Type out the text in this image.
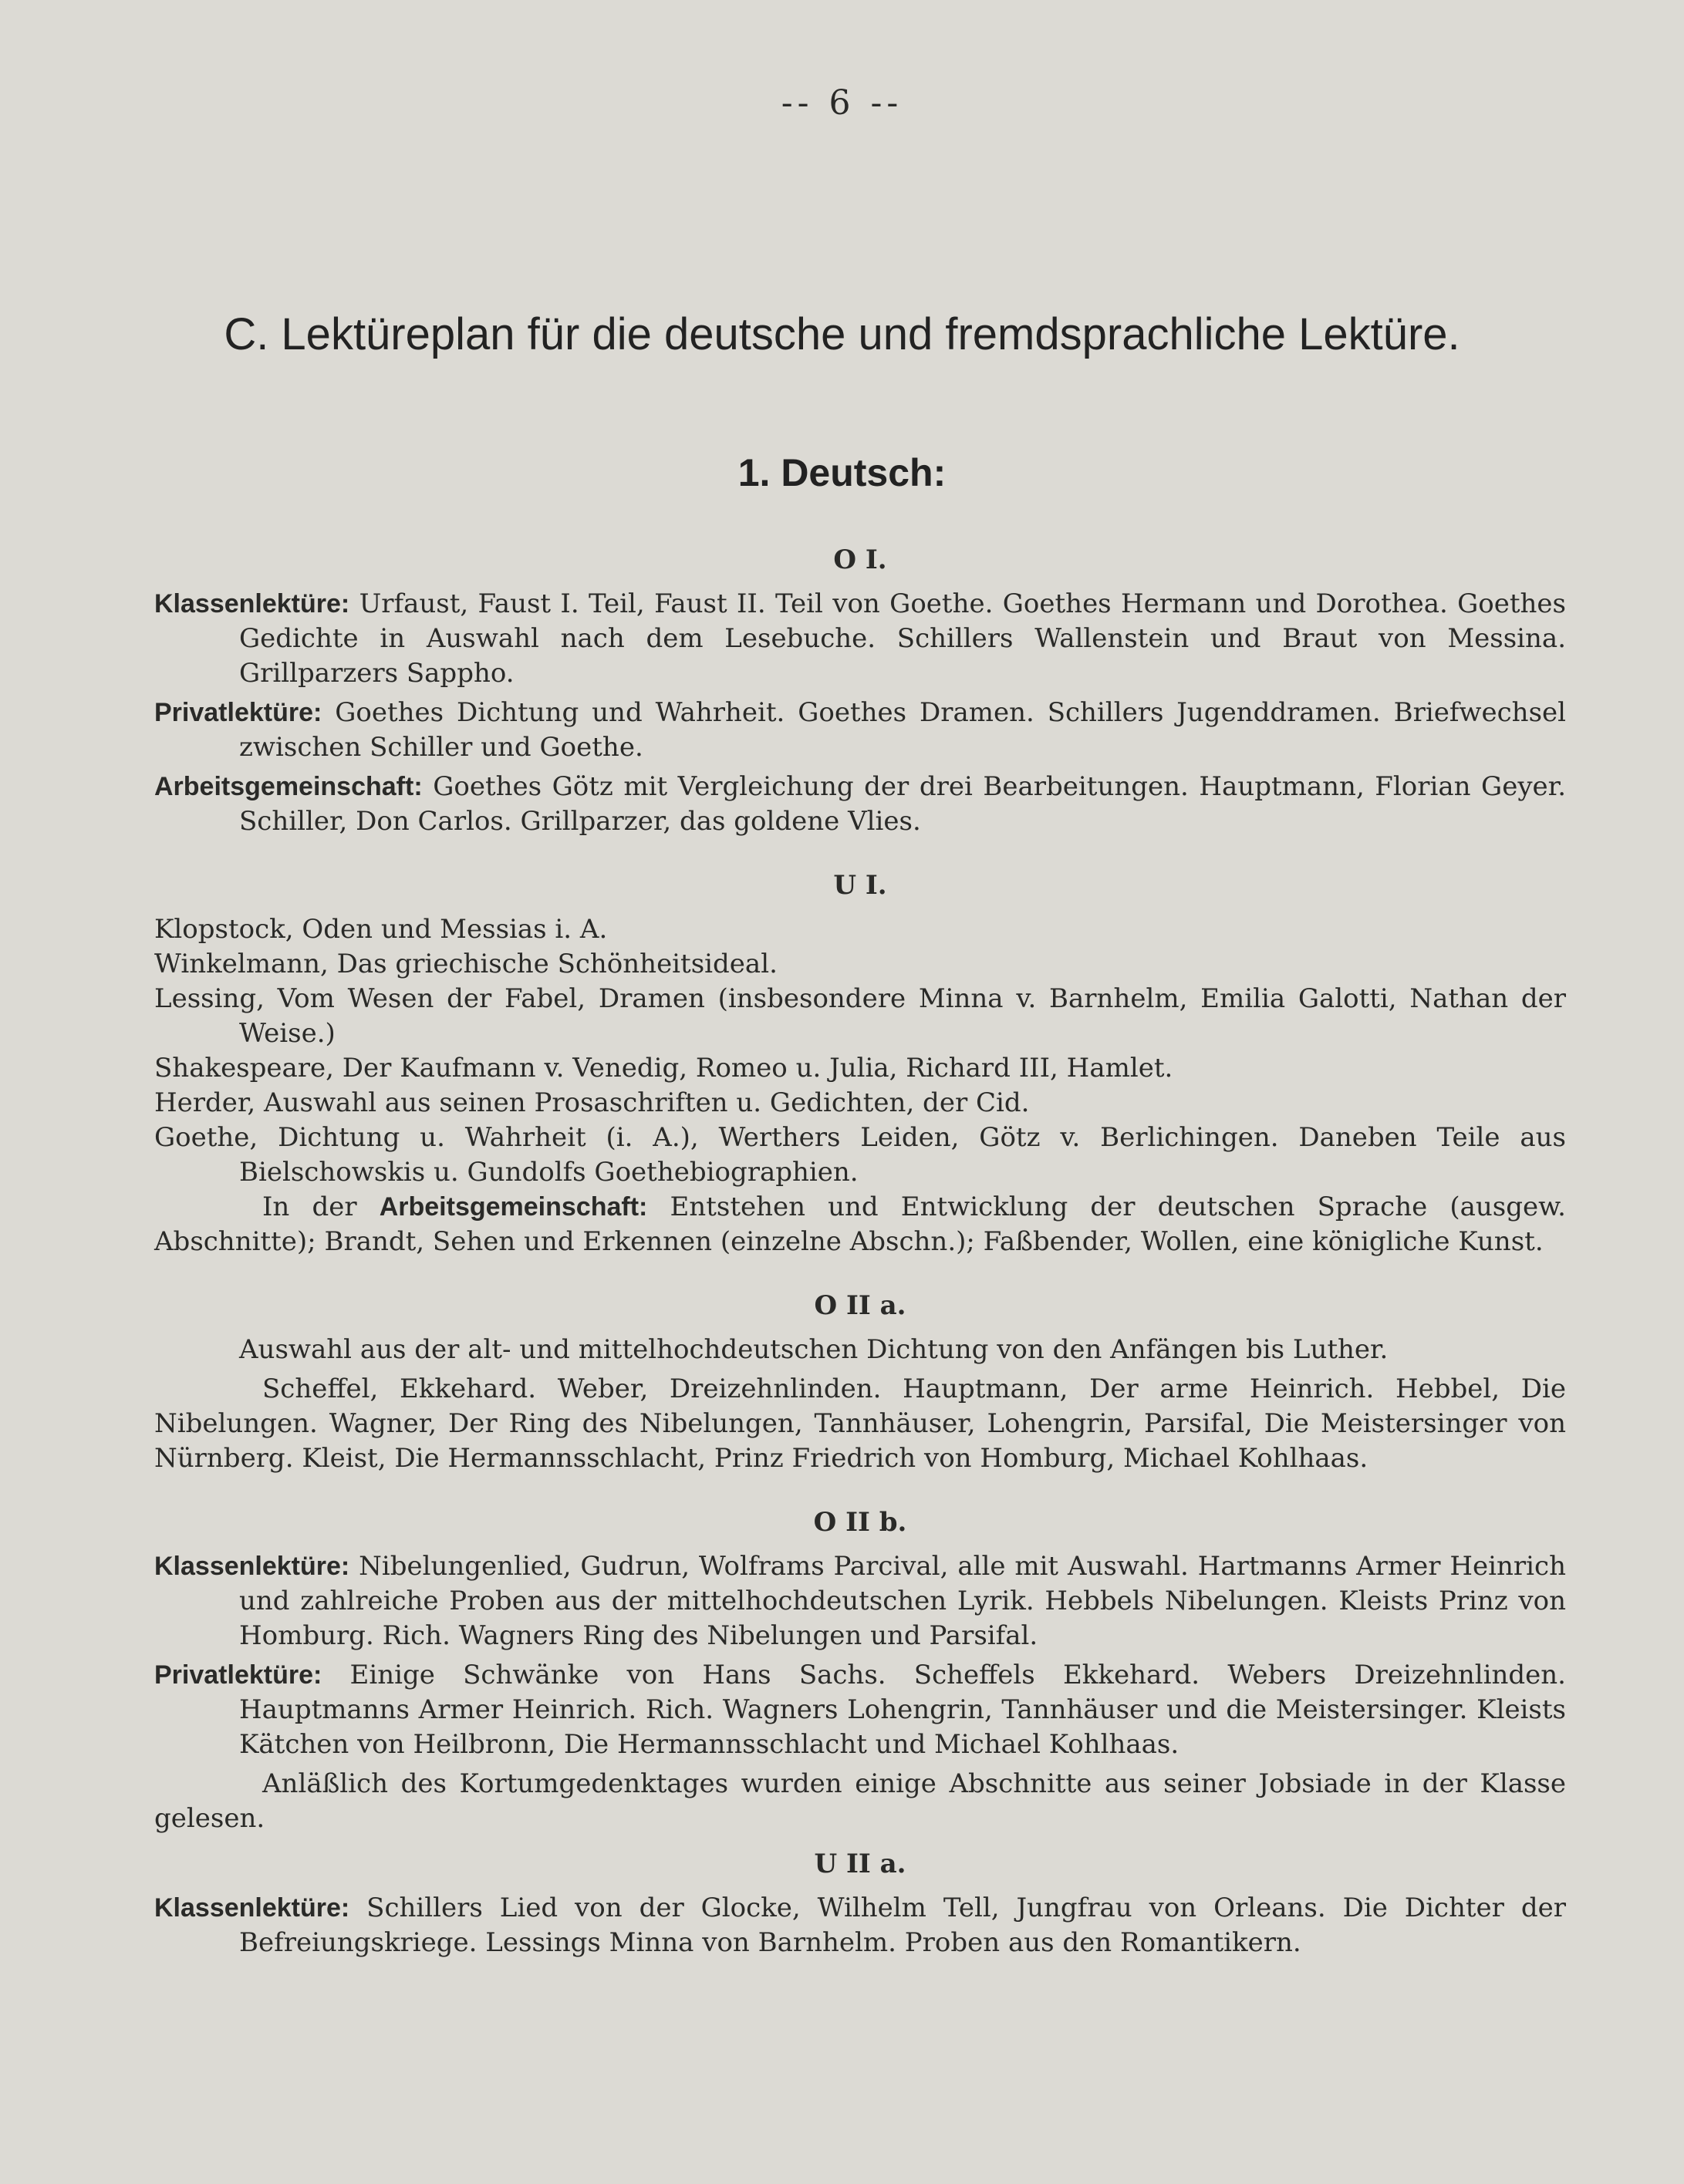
-- 6 --
C. Lektüreplan für die deutsche und fremdsprachliche Lektüre.
1. Deutsch:
O I.

Klassenlektüre: Urfaust, Faust I. Teil, Faust II. Teil von Goethe. Goethes Hermann und Dorothea. Goethes Gedichte in Auswahl nach dem Lesebuche. Schillers Wallenstein und Braut von Messina. Grillparzers Sappho.

Privatlektüre: Goethes Dichtung und Wahrheit. Goethes Dramen. Schillers Jugenddramen. Briefwechsel zwischen Schiller und Goethe.

Arbeitsgemeinschaft: Goethes Götz mit Vergleichung der drei Bearbeitungen. Hauptmann, Florian Geyer. Schiller, Don Carlos. Grillparzer, das goldene Vlies.

U I.

Klopstock, Oden und Messias i. A.

Winkelmann, Das griechische Schönheitsideal.

Lessing, Vom Wesen der Fabel, Dramen (insbesondere Minna v. Barnhelm, Emilia Galotti, Nathan der Weise.)

Shakespeare, Der Kaufmann v. Venedig, Romeo u. Julia, Richard III, Hamlet.

Herder, Auswahl aus seinen Prosaschriften u. Gedichten, der Cid.

Goethe, Dichtung u. Wahrheit (i. A.), Werthers Leiden, Götz v. Berlichingen. Daneben Teile aus Bielschowskis u. Gundolfs Goethebiographien.

In der Arbeitsgemeinschaft: Entstehen und Entwicklung der deutschen Sprache (ausgew. Abschnitte); Brandt, Sehen und Erkennen (einzelne Abschn.); Faßbender, Wollen, eine königliche Kunst.

O II a.

Auswahl aus der alt- und mittelhochdeutschen Dichtung von den Anfängen bis Luther.

Scheffel, Ekkehard. Weber, Dreizehnlinden. Hauptmann, Der arme Heinrich. Hebbel, Die Nibelungen. Wagner, Der Ring des Nibelungen, Tannhäuser, Lohengrin, Parsifal, Die Meistersinger von Nürnberg. Kleist, Die Hermannsschlacht, Prinz Friedrich von Homburg, Michael Kohlhaas.

O II b.

Klassenlektüre: Nibelungenlied, Gudrun, Wolframs Parcival, alle mit Auswahl. Hartmanns Armer Heinrich und zahlreiche Proben aus der mittelhochdeutschen Lyrik. Hebbels Nibelungen. Kleists Prinz von Homburg. Rich. Wagners Ring des Nibelungen und Parsifal.

Privatlektüre: Einige Schwänke von Hans Sachs. Scheffels Ekkehard. Webers Dreizehnlinden. Hauptmanns Armer Heinrich. Rich. Wagners Lohengrin, Tannhäuser und die Meistersinger. Kleists Kätchen von Heilbronn, Die Hermannsschlacht und Michael Kohlhaas.

Anläßlich des Kortumgedenktages wurden einige Abschnitte aus seiner Jobsiade in der Klasse gelesen.

U II a.

Klassenlektüre: Schillers Lied von der Glocke, Wilhelm Tell, Jungfrau von Orleans. Die Dichter der Befreiungskriege. Lessings Minna von Barnhelm. Proben aus den Romantikern.
